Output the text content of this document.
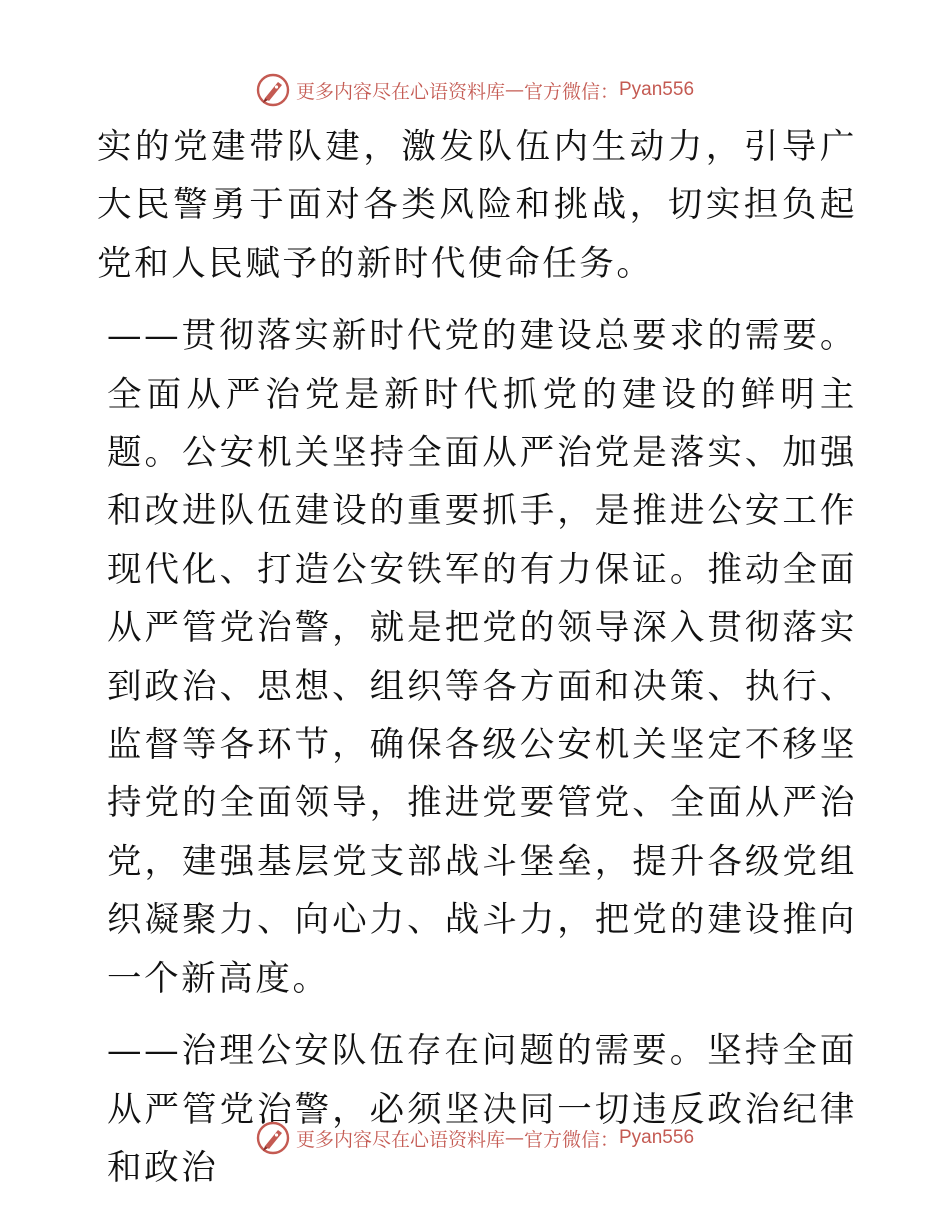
更多内容尽在心语资料库 — 官方微信： Pyan556

实的党建带队建，激发队伍内生动力，引导广大民警勇于面对各类风险和挑战，切实担负起党和人民赋予的新时代使命任务。

——贯彻落实新时代党的建设总要求的需要。全面从严治党是新时代抓党的建设的鲜明主题。公安机关坚持全面从严治党是落实、加强和改进队伍建设的重要抓手，是推进公安工作现代化、打造公安铁军的有力保证。推动全面从严管党治警，就是把党的领导深入贯彻落实到政治、思想、组织等各方面和决策、执行、监督等各环节，确保各级公安机关坚定不移坚持党的全面领导，推进党要管党、全面从严治党，建强基层党支部战斗堡垒，提升各级党组织凝聚力、向心力、战斗力，把党的建设推向一个新高度。

——治理公安队伍存在问题的需要。坚持全面从严管党治警，必须坚决同一切违反政治纪律和政治

更多内容尽在心语资料库 — 官方微信： Pyan556
